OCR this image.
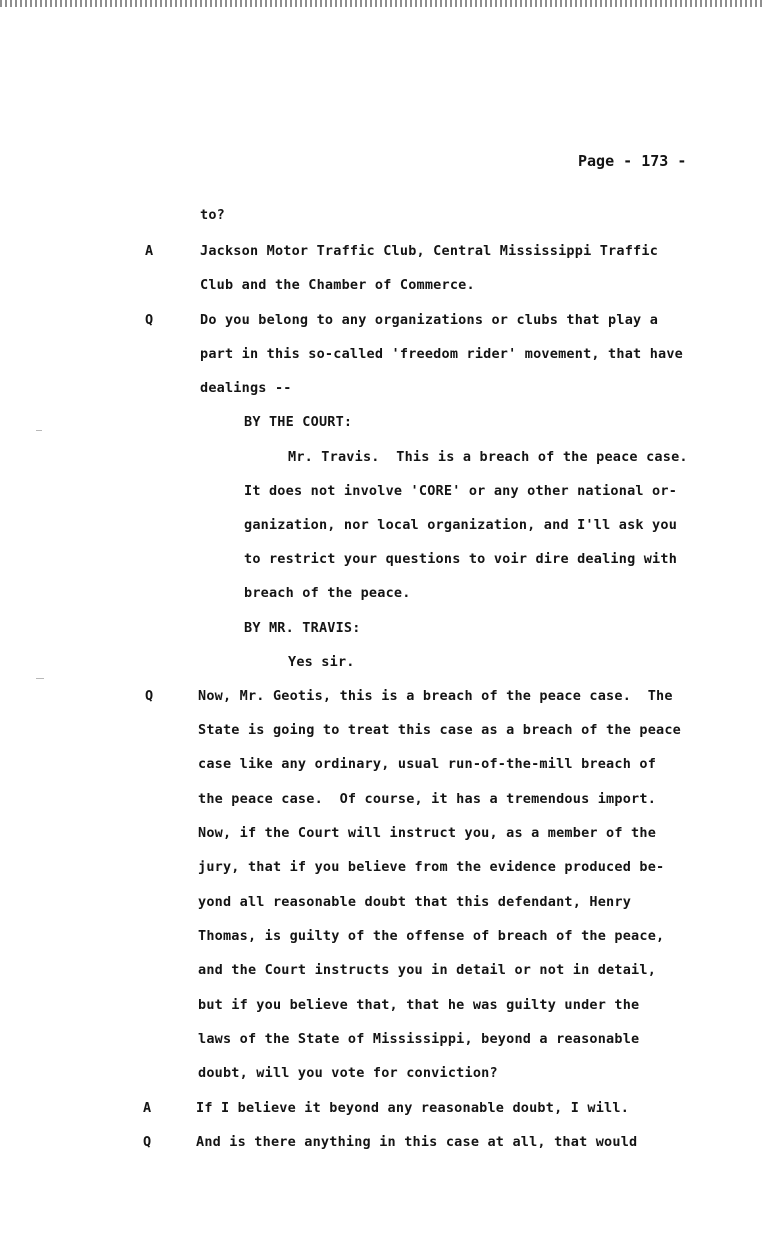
Page - 173 -
A
Q
Q
A
Q
to?
Jackson Motor Traffic Club, Central Mississippi Traffic
Club and the Chamber of Commerce.
Do you belong to any organizations or clubs that play a
part in this so-called 'freedom rider' movement, that have
dealings --
BY THE COURT:
Mr. Travis.  This is a breach of the peace case.
It does not involve 'CORE' or any other national or-
ganization, nor local organization, and I'll ask you
to restrict your questions to voir dire dealing with
breach of the peace.
BY MR. TRAVIS:
Yes sir.
Now, Mr. Geotis, this is a breach of the peace case.  The
State is going to treat this case as a breach of the peace
case like any ordinary, usual run-of-the-mill breach of
the peace case.  Of course, it has a tremendous import.
Now, if the Court will instruct you, as a member of the
jury, that if you believe from the evidence produced be-
yond all reasonable doubt that this defendant, Henry
Thomas, is guilty of the offense of breach of the peace,
and the Court instructs you in detail or not in detail,
but if you believe that, that he was guilty under the
laws of the State of Mississippi, beyond a reasonable
doubt, will you vote for conviction?
If I believe it beyond any reasonable doubt, I will.
And is there anything in this case at all, that would
